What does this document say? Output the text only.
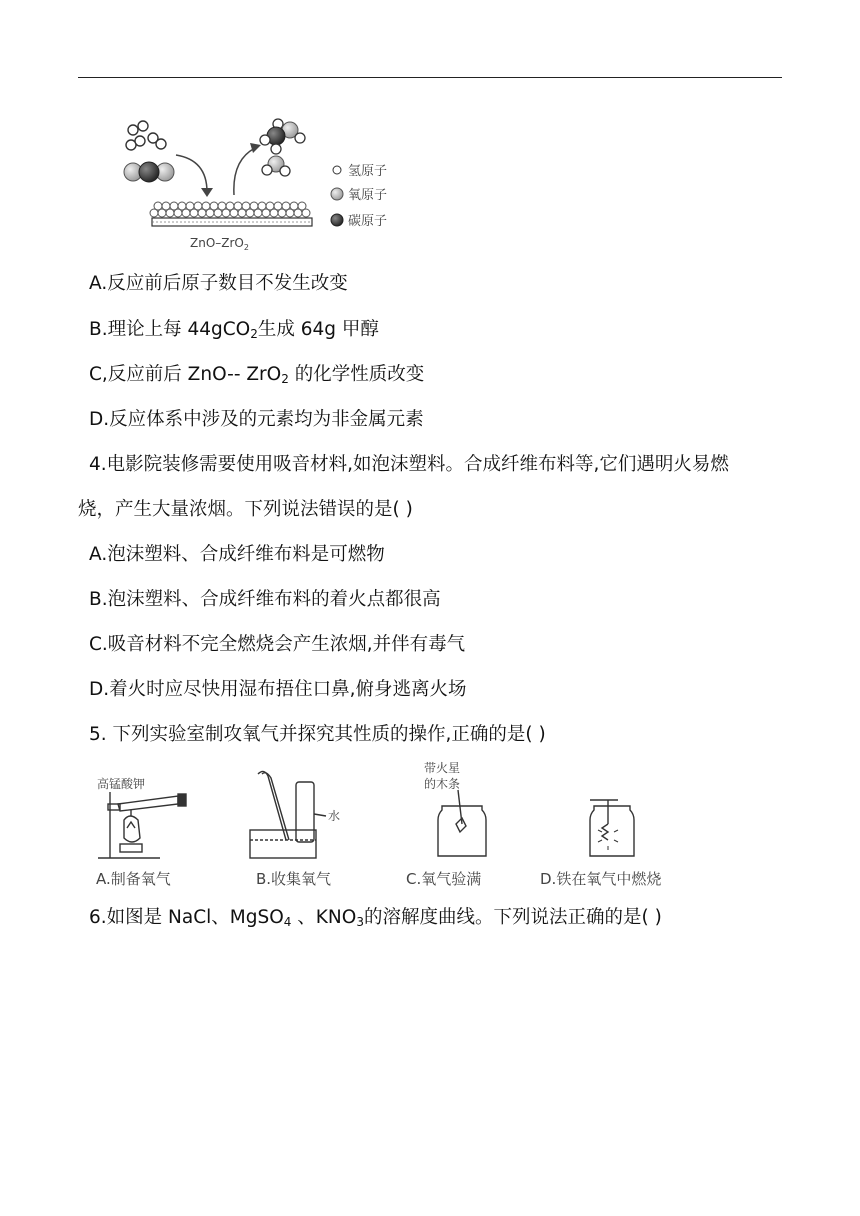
ZnO–ZrO$_2$
氢原子
氧原子
碳原子
A.反应前后原子数目不发生改变
B.理论上每 44gCO$_2$生成 64g 甲醇
C,反应前后 ZnO-- ZrO$_2$ 的化学性质改变
D.反应体系中涉及的元素均为非金属元素
4.电影院装修需要使用吸音材料,如泡沫塑料。合成纤维布料等,它们遇明火易燃
烧，产生大量浓烟。下列说法错误的是( )
A.泡沫塑料、合成纤维布料是可燃物
B.泡沫塑料、合成纤维布料的着火点都很高
C.吸音材料不完全燃烧会产生浓烟,并伴有毒气
D.着火时应尽快用湿布捂住口鼻,俯身逃离火场
5. 下列实验室制攻氧气并探究其性质的操作,正确的是( )
高锰酸钾
水
带火星
的木条
A.制备氧气	B.收集氧气	C.氧气验满	D.铁在氧气中燃烧
6.如图是 NaCl、MgSO$_4$ 、$KNO_3$的溶解度曲线。下列说法正确的是( )
